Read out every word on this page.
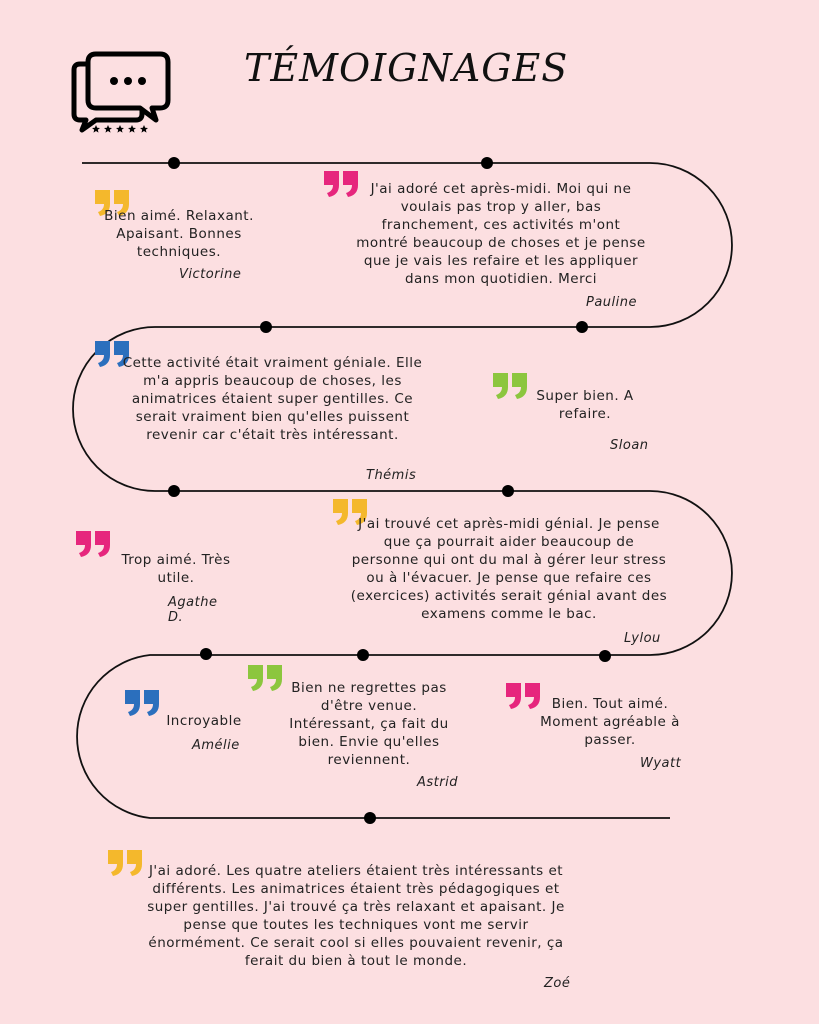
TÉMOIGNAGES
Bien aimé. Relaxant. Apaisant. Bonnes techniques.
Victorine
J'ai adoré cet après-midi. Moi qui ne voulais pas trop y aller, bas franchement, ces activités m'ont montré beaucoup de choses et je pense que je vais les refaire et les appliquer dans mon quotidien. Merci
Pauline
Cette activité était vraiment géniale. Elle m'a appris beaucoup de choses, les animatrices étaient super gentilles. Ce serait vraiment bien qu'elles puissent revenir car c'était très intéressant.
Thémis
Super bien. A refaire.
Sloan
Trop aimé. Très utile.
Agathe D.
J'ai trouvé cet après-midi génial. Je pense que ça pourrait aider beaucoup de personne qui ont du mal à gérer leur stress ou à l'évacuer. Je pense que refaire ces (exercices) activités serait génial avant des examens comme le bac.
Lylou
Incroyable
Amélie
Bien ne regrettes pas d'être venue. Intéressant, ça fait du bien. Envie qu'elles reviennent.
Astrid
Bien. Tout aimé. Moment agréable à passer.
Wyatt
J'ai adoré. Les quatre ateliers étaient très intéressants et différents. Les animatrices étaient très pédagogiques et super gentilles. J'ai trouvé ça très relaxant et apaisant. Je pense que toutes les techniques vont me servir énormément. Ce serait cool si elles pouvaient revenir, ça ferait du bien à tout le monde.
Zoé
